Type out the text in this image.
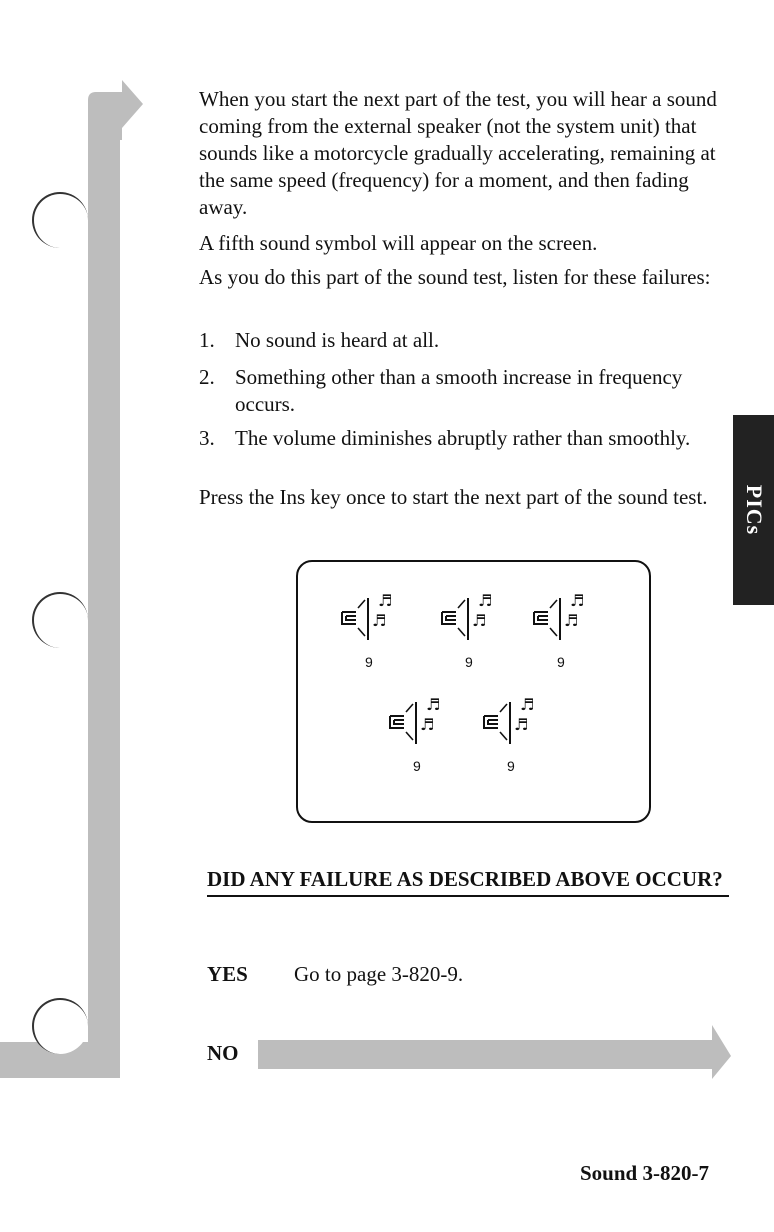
PICs
When you start the next part of the test, you will hear a sound coming from the external speaker (not the system unit) that sounds like a motorcycle gradually accelerating, remaining at the same speed (frequency) for a moment, and then fading away.
A fifth sound symbol will appear on the screen.
As you do this part of the sound test, listen for these failures:
1. No sound is heard at all.
2. Something other than a smooth increase in frequency occurs.
3. The volume diminishes abruptly rather than smoothly.
Press the Ins key once to start the next part of the sound test.
♬
♬
9
♬
♬
9
♬
♬
9
♬
♬
9
♬
♬
9
DID ANY FAILURE AS DESCRIBED ABOVE OCCUR?
YES Go to page 3-820-9.
NO
Sound 3-820-7
